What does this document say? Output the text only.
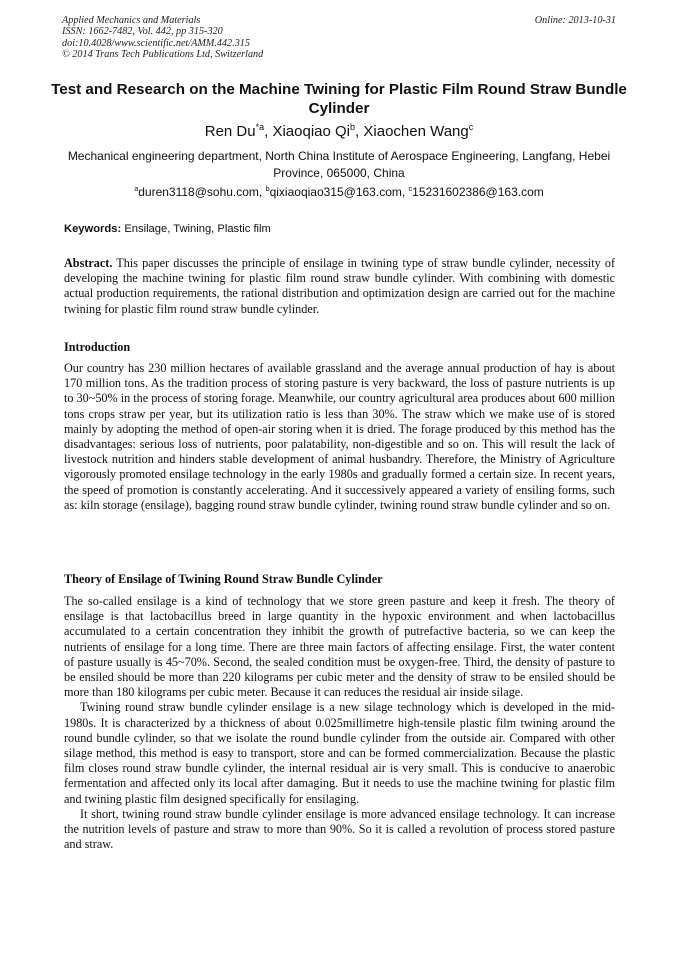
Applied Mechanics and Materials
ISSN: 1662-7482, Vol. 442, pp 315-320
doi:10.4028/www.scientific.net/AMM.442.315
© 2014 Trans Tech Publications Ltd, Switzerland
Online: 2013-10-31
Test and Research on the Machine Twining for Plastic Film Round Straw Bundle Cylinder
Ren Du$^{*a}$, Xiaoqiao Qi$^b$, Xiaochen Wang$^c$
Mechanical engineering department, North China Institute of Aerospace Engineering, Langfang, Hebei Province, 065000, China
$^a$duren3118@sohu.com, $^b$qixiaoqiao315@163.com, $^c$15231602386@163.com
Keywords: Ensilage, Twining, Plastic film
Abstract. This paper discusses the principle of ensilage in twining type of straw bundle cylinder, necessity of developing the machine twining for plastic film round straw bundle cylinder. With combining with domestic actual production requirements, the rational distribution and optimization design are carried out for the machine twining for plastic film round straw bundle cylinder.
Introduction

Our country has 230 million hectares of available grassland and the average annual production of hay is about 170 million tons. As the tradition process of storing pasture is very backward, the loss of pasture nutrients is up to 30~50% in the process of storing forage. Meanwhile, our country agricultural area produces about 600 million tons crops straw per year, but its utilization ratio is less than 30%. The straw which we make use of is stored mainly by adopting the method of open-air storing when it is dried. The forage produced by this method has the disadvantages: serious loss of nutrients, poor palatability, non-digestible and so on. This will result the lack of livestock nutrition and hinders stable development of animal husbandry. Therefore, the Ministry of Agriculture vigorously promoted ensilage technology in the early 1980s and gradually formed a certain size. In recent years, the speed of promotion is constantly accelerating. And it successively appeared a variety of ensiling forms, such as: kiln storage (ensilage), bagging round straw bundle cylinder, twining round straw bundle cylinder and so on.

Theory of Ensilage of Twining Round Straw Bundle Cylinder

The so-called ensilage is a kind of technology that we store green pasture and keep it fresh. The theory of ensilage is that lactobacillus breed in large quantity in the hypoxic environment and when lactobacillus accumulated to a certain concentration they inhibit the growth of putrefactive bacteria, so we can keep the nutrients of ensilage for a long time. There are three main factors of affecting ensilage. First, the water content of pasture usually is 45~70%. Second, the sealed condition must be oxygen-free. Third, the density of pasture to be ensiled should be more than 220 kilograms per cubic meter and the density of straw to be ensiled should be more than 180 kilograms per cubic meter. Because it can reduces the residual air inside silage.

Twining round straw bundle cylinder ensilage is a new silage technology which is developed in the mid-1980s. It is characterized by a thickness of about 0.025millimetre high-tensile plastic film twining around the round bundle cylinder, so that we isolate the round bundle cylinder from the outside air. Compared with other silage method, this method is easy to transport, store and can be formed commercialization. Because the plastic film closes round straw bundle cylinder, the internal residual air is very small. This is conducive to anaerobic fermentation and affected only its local after damaging. But it needs to use the machine twining for plastic film and twining plastic film designed specifically for ensilaging.

It short, twining round straw bundle cylinder ensilage is more advanced ensilage technology. It can increase the nutrition levels of pasture and straw to more than 90%. So it is called a revolution of process stored pasture and straw.
